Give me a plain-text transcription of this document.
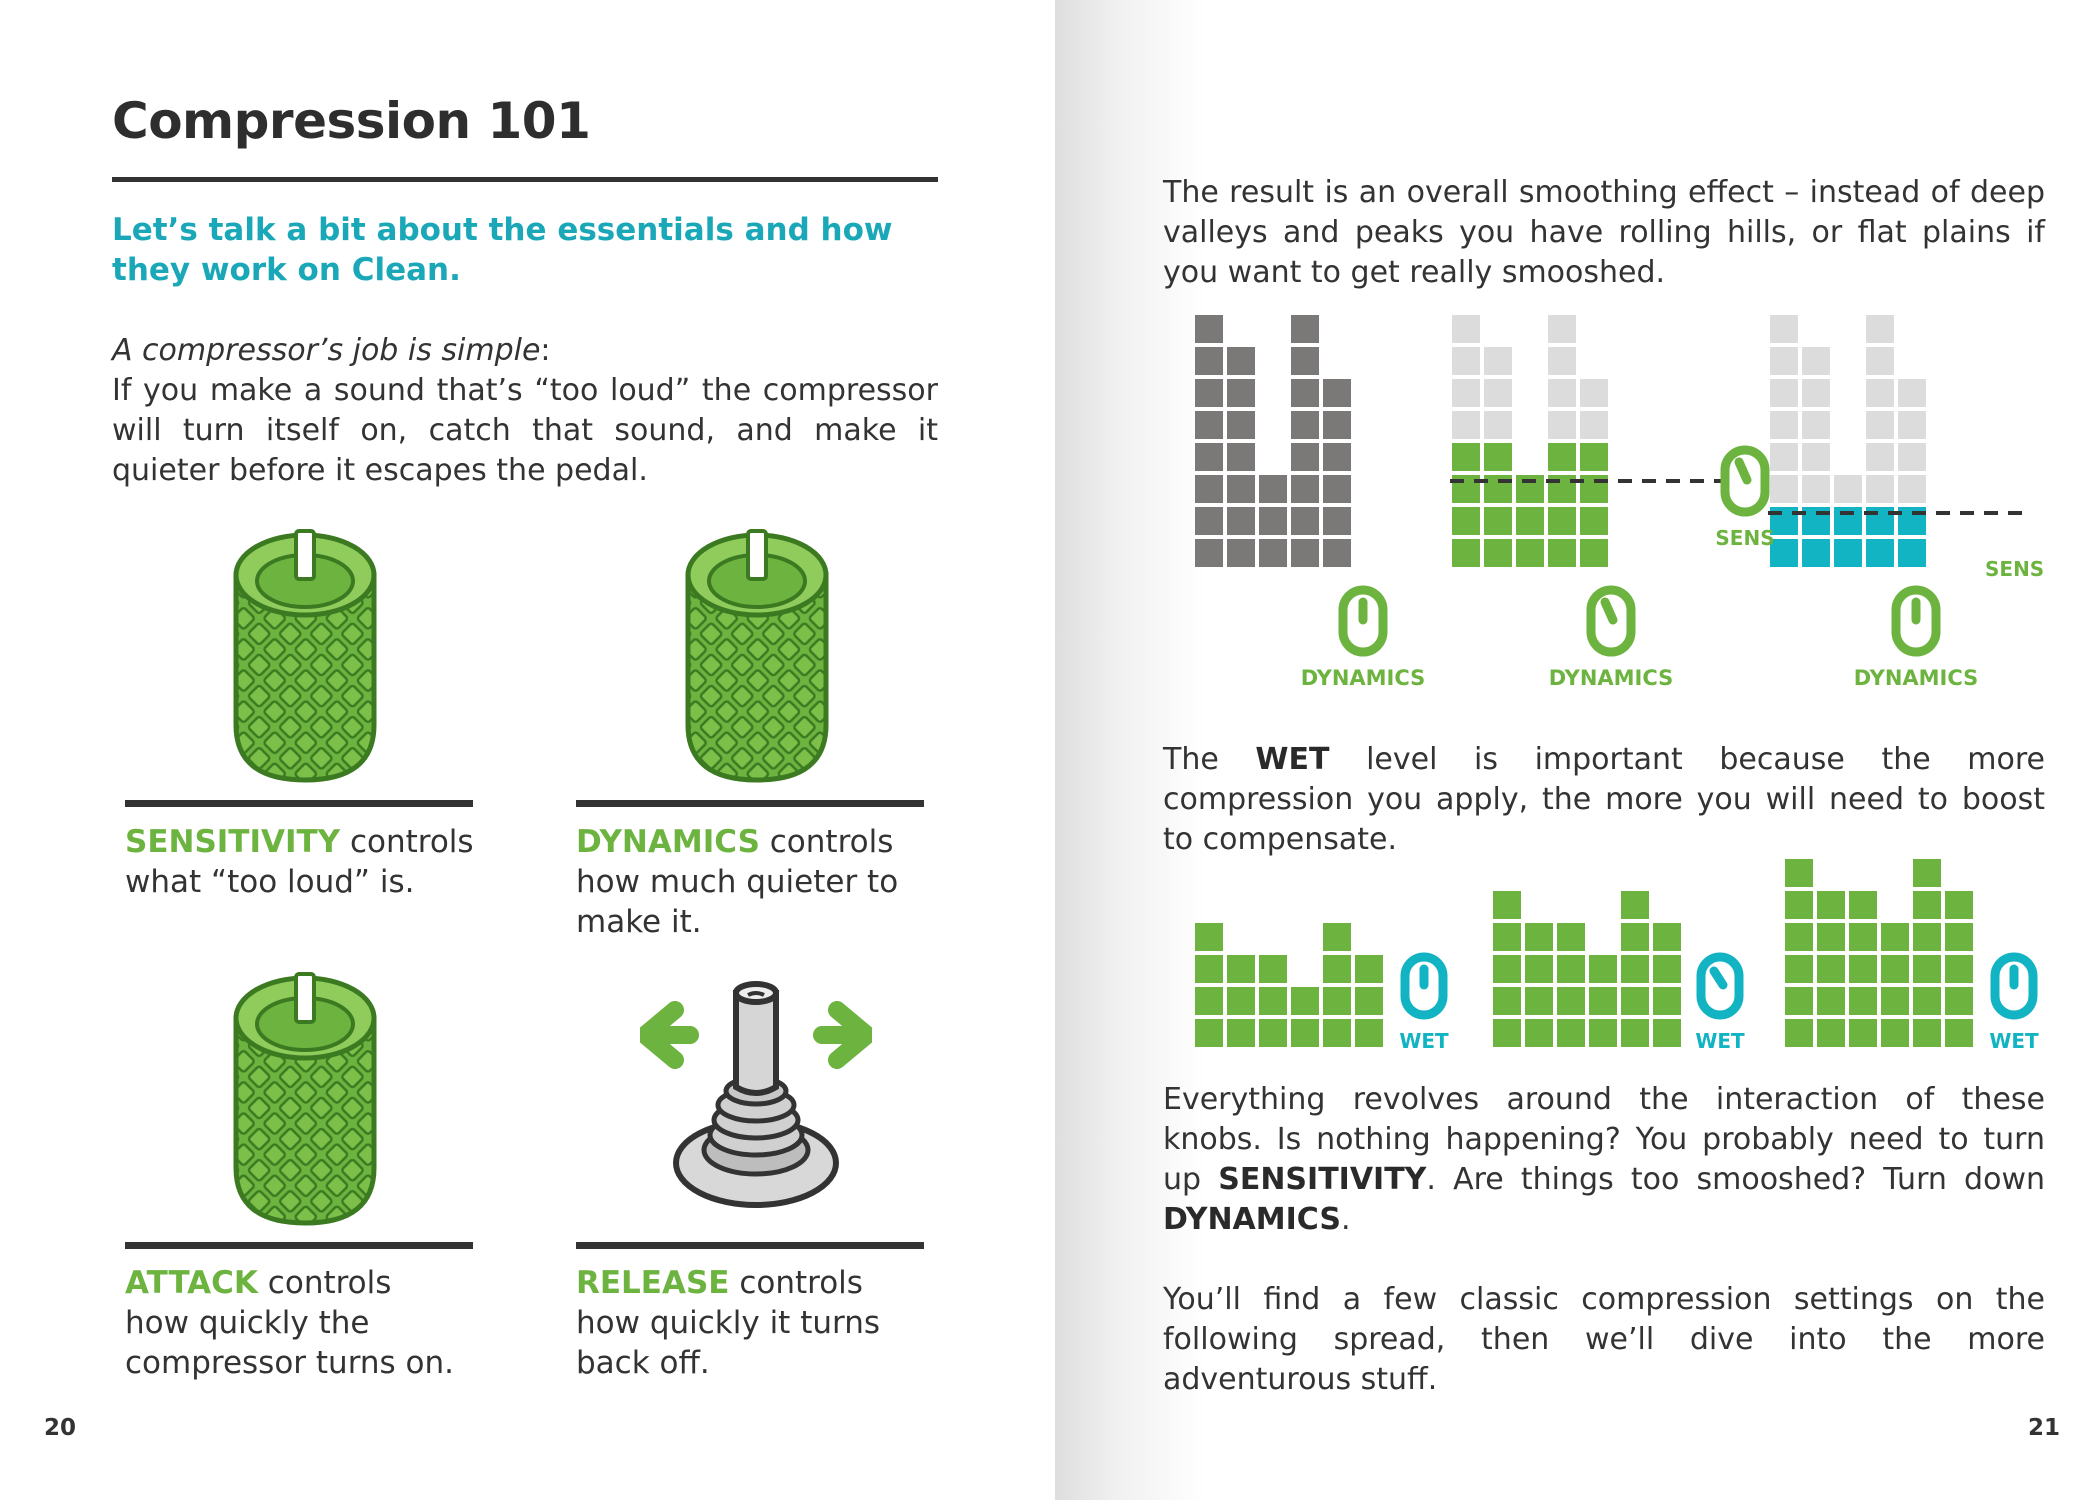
Compression 101

Let’s talk a bit about the essentials and how they work on Clean.

A compressor’s job is simple:
If you make a sound that’s “too loud” the compressor will turn itself on, catch that sound, and make it quieter before it escapes the pedal.

SENSITIVITY controls
what “too loud” is.

DYNAMICS controls
how much quieter to make it.

ATTACK controls
how quickly the compressor turns on.

RELEASE controls
how quickly it turns back off.

20

The result is an overall smoothing effect – instead of deep valleys and peaks you have rolling hills, or flat plains if you want to get really smooshed.

SENS
DYNAMICS	DYNAMICS	DYNAMICS
SENS

The WET level is important because the more compression you apply, the more you will need to boost to compensate.

WET	WET	WET

Everything revolves around the interaction of these knobs. Is nothing happening? You probably need to turn up SENSITIVITY. Are things too smooshed? Turn down DYNAMICS.

You’ll find a few classic compression settings on the following spread, then we’ll dive into the more adventurous stuff.

21
